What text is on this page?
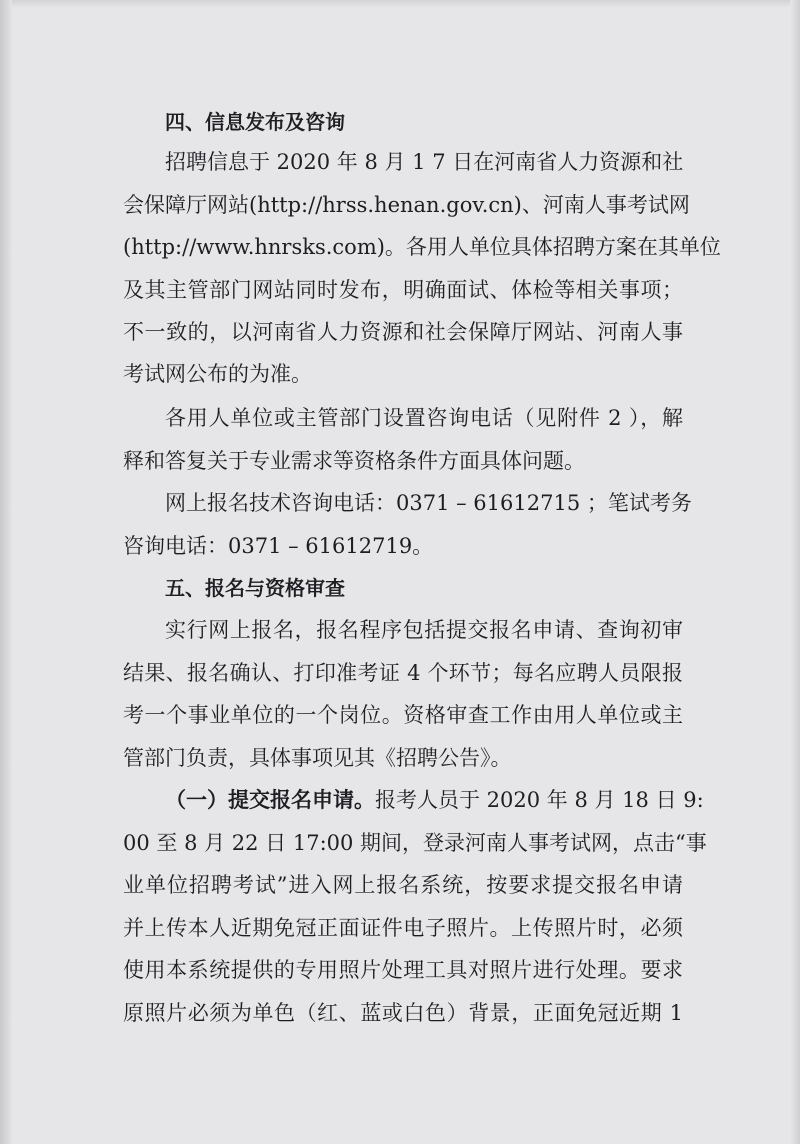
四、信息发布及咨询
招聘信息于 2020 年 8 月 1 7 日在河南省人力资源和社
会保障厅网站(http://hrss.henan.gov.cn)、河南人事考试网
(http://www.hnrsks.com)。各用人单位具体招聘方案在其单位
及其主管部门网站同时发布，明确面试、体检等相关事项；
不一致的，以河南省人力资源和社会保障厅网站、河南人事
考试网公布的为准。
各用人单位或主管部门设置咨询电话（见附件 2 ），解
释和答复关于专业需求等资格条件方面具体问题。
网上报名技术咨询电话：0371 – 61612715 ；笔试考务
咨询电话：0371 – 61612719。
五、报名与资格审查
实行网上报名，报名程序包括提交报名申请、查询初审
结果、报名确认、打印准考证 4 个环节；每名应聘人员限报
考一个事业单位的一个岗位。资格审查工作由用人单位或主
管部门负责，具体事项见其《招聘公告》。
（一）提交报名申请。报考人员于 2020 年 8 月 18 日 9:
00 至 8 月 22 日 17:00 期间，登录河南人事考试网，点击“事
业单位招聘考试”进入网上报名系统，按要求提交报名申请
并上传本人近期免冠正面证件电子照片。上传照片时，必须
使用本系统提供的专用照片处理工具对照片进行处理。要求
原照片必须为单色（红、蓝或白色）背景，正面免冠近期 1
